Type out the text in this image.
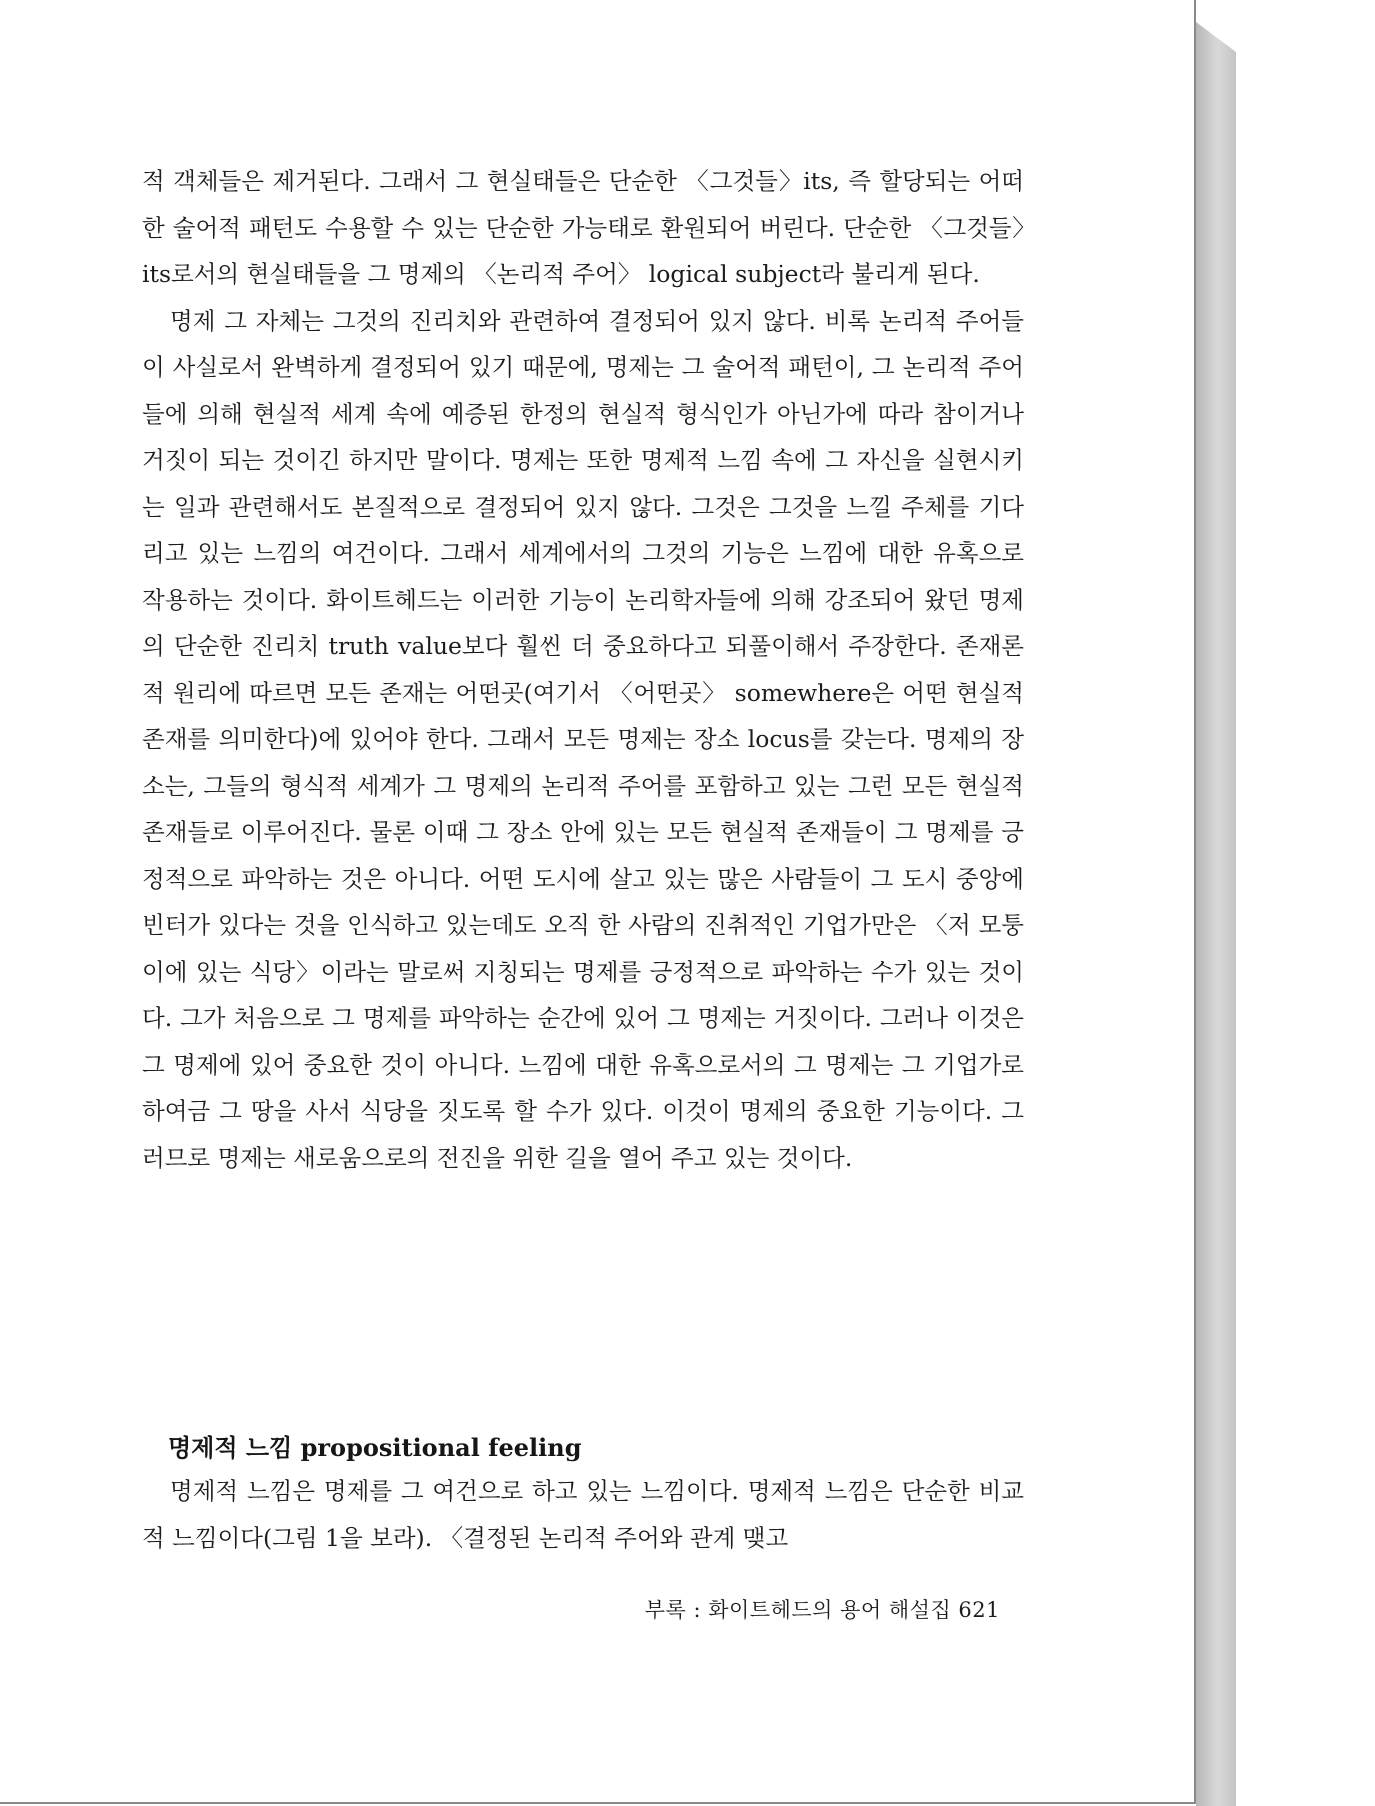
적 객체들은 제거된다. 그래서 그 현실태들은 단순한 〈그것들〉its, 즉 할당되는 어떠한 술어적 패턴도 수용할 수 있는 단순한 가능태로 환원되어 버린다. 단순한 〈그것들〉its로서의 현실태들을 그 명제의 〈논리적 주어〉 logical subject라 불리게 된다.

명제 그 자체는 그것의 진리치와 관련하여 결정되어 있지 않다. 비록 논리적 주어들이 사실로서 완벽하게 결정되어 있기 때문에, 명제는 그 술어적 패턴이, 그 논리적 주어들에 의해 현실적 세계 속에 예증된 한정의 현실적 형식인가 아닌가에 따라 참이거나 거짓이 되는 것이긴 하지만 말이다. 명제는 또한 명제적 느낌 속에 그 자신을 실현시키는 일과 관련해서도 본질적으로 결정되어 있지 않다. 그것은 그것을 느낄 주체를 기다리고 있는 느낌의 여건이다. 그래서 세계에서의 그것의 기능은 느낌에 대한 유혹으로 작용하는 것이다. 화이트헤드는 이러한 기능이 논리학자들에 의해 강조되어 왔던 명제의 단순한 진리치 truth value보다 훨씬 더 중요하다고 되풀이해서 주장한다. 존재론적 원리에 따르면 모든 존재는 어떤곳(여기서 〈어떤곳〉 somewhere은 어떤 현실적 존재를 의미한다)에 있어야 한다. 그래서 모든 명제는 장소 locus를 갖는다. 명제의 장소는, 그들의 형식적 세계가 그 명제의 논리적 주어를 포함하고 있는 그런 모든 현실적 존재들로 이루어진다. 물론 이때 그 장소 안에 있는 모든 현실적 존재들이 그 명제를 긍정적으로 파악하는 것은 아니다. 어떤 도시에 살고 있는 많은 사람들이 그 도시 중앙에 빈터가 있다는 것을 인식하고 있는데도 오직 한 사람의 진취적인 기업가만은 〈저 모퉁이에 있는 식당〉이라는 말로써 지칭되는 명제를 긍정적으로 파악하는 수가 있는 것이다. 그가 처음으로 그 명제를 파악하는 순간에 있어 그 명제는 거짓이다. 그러나 이것은 그 명제에 있어 중요한 것이 아니다. 느낌에 대한 유혹으로서의 그 명제는 그 기업가로 하여금 그 땅을 사서 식당을 짓도록 할 수가 있다. 이것이 명제의 중요한 기능이다. 그러므로 명제는 새로움으로의 전진을 위한 길을 열어 주고 있는 것이다.

명제적 느낌 propositional feeling

명제적 느낌은 명제를 그 여건으로 하고 있는 느낌이다. 명제적 느낌은 단순한 비교적 느낌이다(그림 1을 보라). 〈결정된 논리적 주어와 관계 맺고

부록 : 화이트헤드의 용어 해설집 621
